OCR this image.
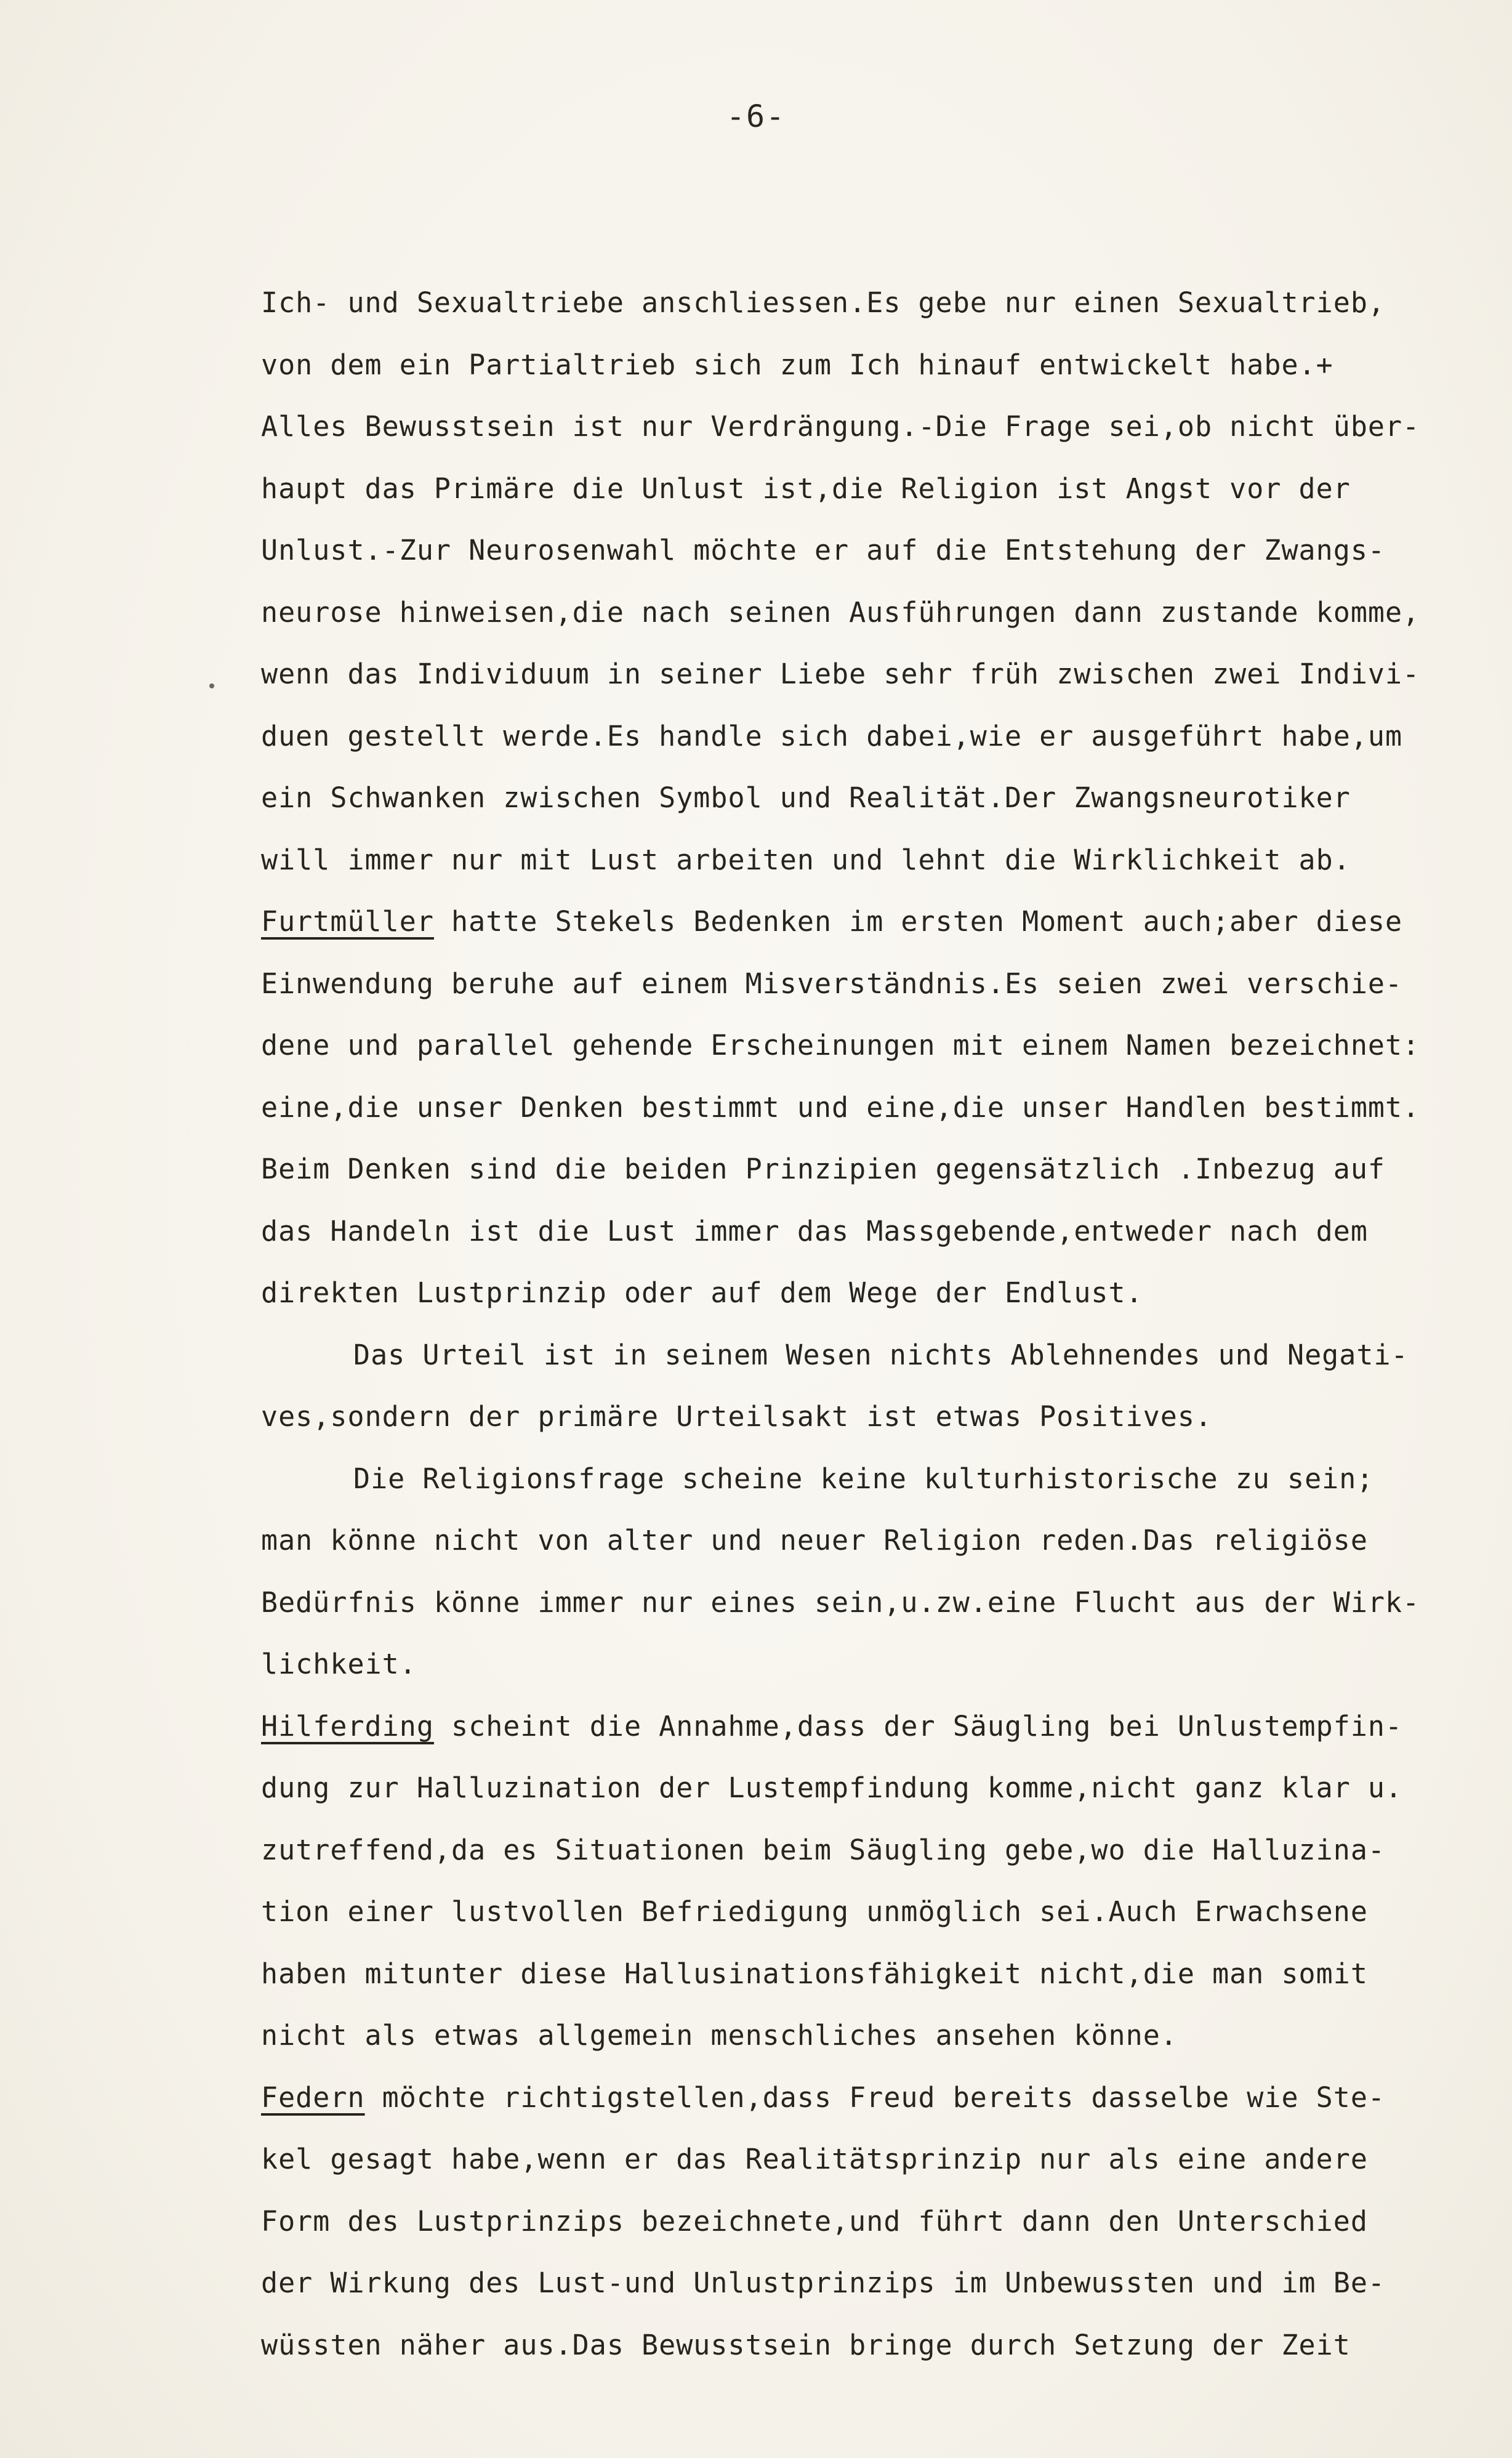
-6-
Ich- und Sexualtriebe anschliessen.Es gebe nur einen Sexualtrieb,
von dem ein Partialtrieb sich zum Ich hinauf entwickelt habe.+
Alles Bewusstsein ist nur Verdrängung.-Die Frage sei,ob nicht über-
haupt das Primäre die Unlust ist,die Religion ist Angst vor der
Unlust.-Zur Neurosenwahl möchte er auf die Entstehung der Zwangs-
neurose hinweisen,die nach seinen Ausführungen dann zustande komme,
wenn das Individuum in seiner Liebe sehr früh zwischen zwei Indivi-
duen gestellt werde.Es handle sich dabei,wie er ausgeführt habe,um
ein Schwanken zwischen Symbol und Realität.Der Zwangsneurotiker
will immer nur mit Lust arbeiten und lehnt die Wirklichkeit ab.
Furtmüller hatte Stekels Bedenken im ersten Moment auch;aber diese
Einwendung beruhe auf einem Misverständnis.Es seien zwei verschie-
dene und parallel gehende Erscheinungen mit einem Namen bezeichnet:
eine,die unser Denken bestimmt und eine,die unser Handlen bestimmt.
Beim Denken sind die beiden Prinzipien gegensätzlich .Inbezug auf
das Handeln ist die Lust immer das Massgebende,entweder nach dem
direkten Lustprinzip oder auf dem Wege der Endlust.
Das Urteil ist in seinem Wesen nichts Ablehnendes und Negati-
ves,sondern der primäre Urteilsakt ist etwas Positives.
Die Religionsfrage scheine keine kulturhistorische zu sein;
man könne nicht von alter und neuer Religion reden.Das religiöse
Bedürfnis könne immer nur eines sein,u.zw.eine Flucht aus der Wirk-
lichkeit.
Hilferding scheint die Annahme,dass der Säugling bei Unlustempfin-
dung zur Halluzination der Lustempfindung komme,nicht ganz klar u.
zutreffend,da es Situationen beim Säugling gebe,wo die Halluzina-
tion einer lustvollen Befriedigung unmöglich sei.Auch Erwachsene
haben mitunter diese Hallusinationsfähigkeit nicht,die man somit
nicht als etwas allgemein menschliches ansehen könne.
Federn möchte richtigstellen,dass Freud bereits dasselbe wie Ste-
kel gesagt habe,wenn er das Realitätsprinzip nur als eine andere
Form des Lustprinzips bezeichnete,und führt dann den Unterschied
der Wirkung des Lust-und Unlustprinzips im Unbewussten und im Be-
wüssten näher aus.Das Bewusstsein bringe durch Setzung der Zeit
